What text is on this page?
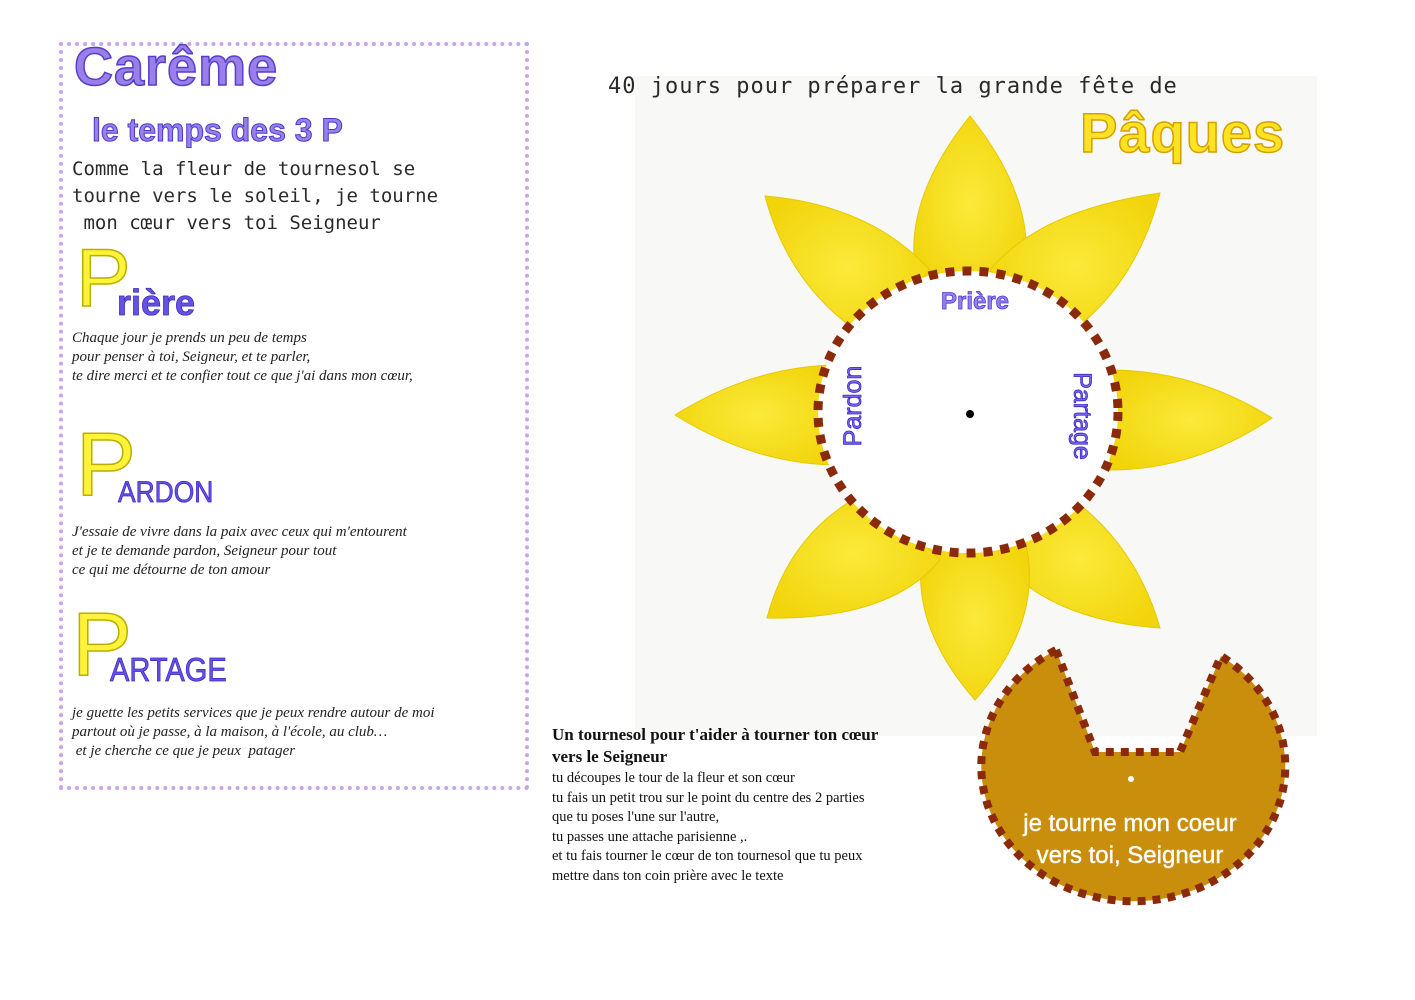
Carême
le temps des 3 P
Comme la fleur de tournesol se
tourne vers le soleil, je tourne
mon cœur vers toi Seigneur
P
rière
Chaque jour je prends un peu de temps
pour penser à toi, Seigneur, et te parler,
te dire merci et te confier tout ce que j'ai dans mon cœur,
P
ARDON
J'essaie de vivre dans la paix avec ceux qui m'entourent
et je te demande pardon, Seigneur pour tout
ce qui me détourne de ton amour
P
ARTAGE
je guette les petits services que je peux rendre autour de moi
partout où je passe, à la maison, à l'école, au club…
et je cherche ce que je peux  patager
40 jours pour préparer la grande fête de
Pâques
Prière
Pardon	Partage
je tourne mon coeur
vers toi, Seigneur
Un tournesol pour t'aider à tourner ton cœur
vers le Seigneur
tu découpes le tour de la fleur et son cœur
tu fais un petit trou sur le point du centre des 2 parties
que tu poses l'une sur l'autre,
tu passes une attache parisienne ,.
et tu fais tourner le cœur de ton tournesol que tu peux
mettre dans ton coin prière avec le texte
